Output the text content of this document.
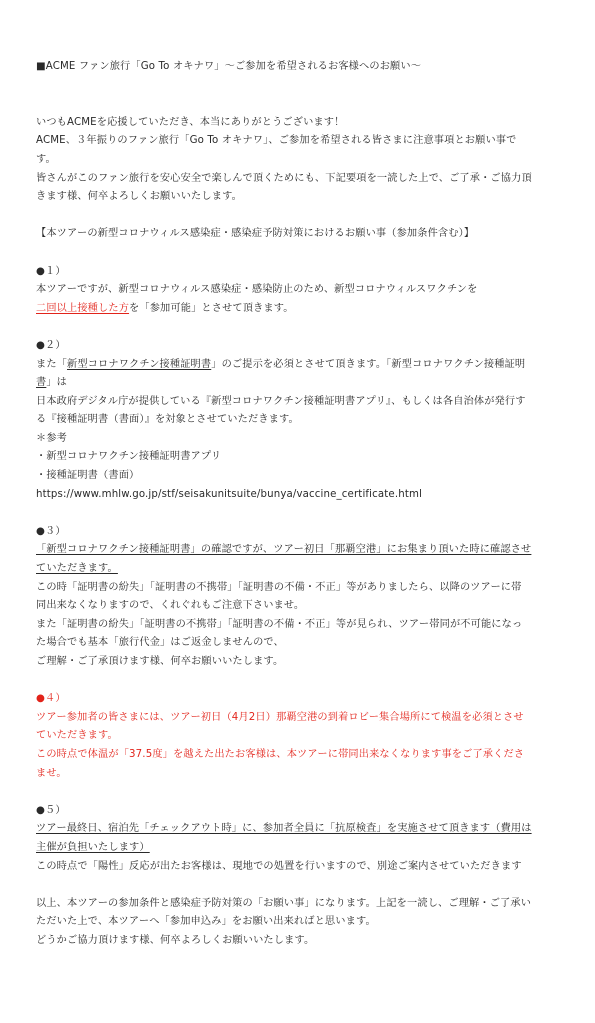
■ACME ファン旅行「Go To オキナワ」〜ご参加を希望されるお客様へのお願い〜

いつもACMEを応援していただき、本当にありがとうございます！

ACME、３年振りのファン旅行「Go To オキナワ」、ご参加を希望される皆さまに注意事項とお願い事で

す。

皆さんがこのファン旅行を安心安全で楽しんで頂くためにも、下記要項を一読した上で、ご了承・ご協力頂

きます様、何卒よろしくお願いいたします。

【本ツアーの新型コロナウィルス感染症・感染症予防対策におけるお願い事（参加条件含む）】

●１）

本ツアーですが、新型コロナウィルス感染症・感染防止のため、新型コロナウィルスワクチンを

二回以上接種した方を「参加可能」とさせて頂きます。

●２）

また「新型コロナワクチン接種証明書」のご提示を必須とさせて頂きます。「新型コロナワクチン接種証明

書」は

日本政府デジタル庁が提供している『新型コロナワクチン接種証明書アプリ』、もしくは各自治体が発行す

る『接種証明書（書面）』を対象とさせていただきます。

＊参考

・新型コロナワクチン接種証明書アプリ

・接種証明書（書面）

https://www.mhlw.go.jp/stf/seisakunitsuite/bunya/vaccine_certificate.html

●３）

「新型コロナワクチン接種証明書」の確認ですが、ツアー初日「那覇空港」にお集まり頂いた時に確認させ

ていただきます。

この時「証明書の紛失」「証明書の不携帯」「証明書の不備・不正」等がありましたら、以降のツアーに帯

同出来なくなりますので、くれぐれもご注意下さいませ。

また「証明書の紛失」「証明書の不携帯」「証明書の不備・不正」等が見られ、ツアー帯同が不可能になっ

た場合でも基本「旅行代金」はご返金しませんので、

ご理解・ご了承頂けます様、何卒お願いいたします。

●４）

ツアー参加者の皆さまには、ツアー初日（4月2日）那覇空港の到着ロビー集合場所にて検温を必須とさせ

ていただきます。

この時点で体温が「37.5度」を越えた出たお客様は、本ツアーに帯同出来なくなります事をご了承くださ

ませ。

●５）

ツアー最終日、宿泊先「チェックアウト時」に、参加者全員に「抗原検査」を実施させて頂きます（費用は

主催が負担いたします）

この時点で「陽性」反応が出たお客様は、現地での処置を行いますので、別途ご案内させていただきます

以上、本ツアーの参加条件と感染症予防対策の「お願い事」になります。上記を一読し、ご理解・ご了承い

ただいた上で、本ツアーへ「参加申込み」をお願い出来ればと思います。

どうかご協力頂けます様、何卒よろしくお願いいたします。
